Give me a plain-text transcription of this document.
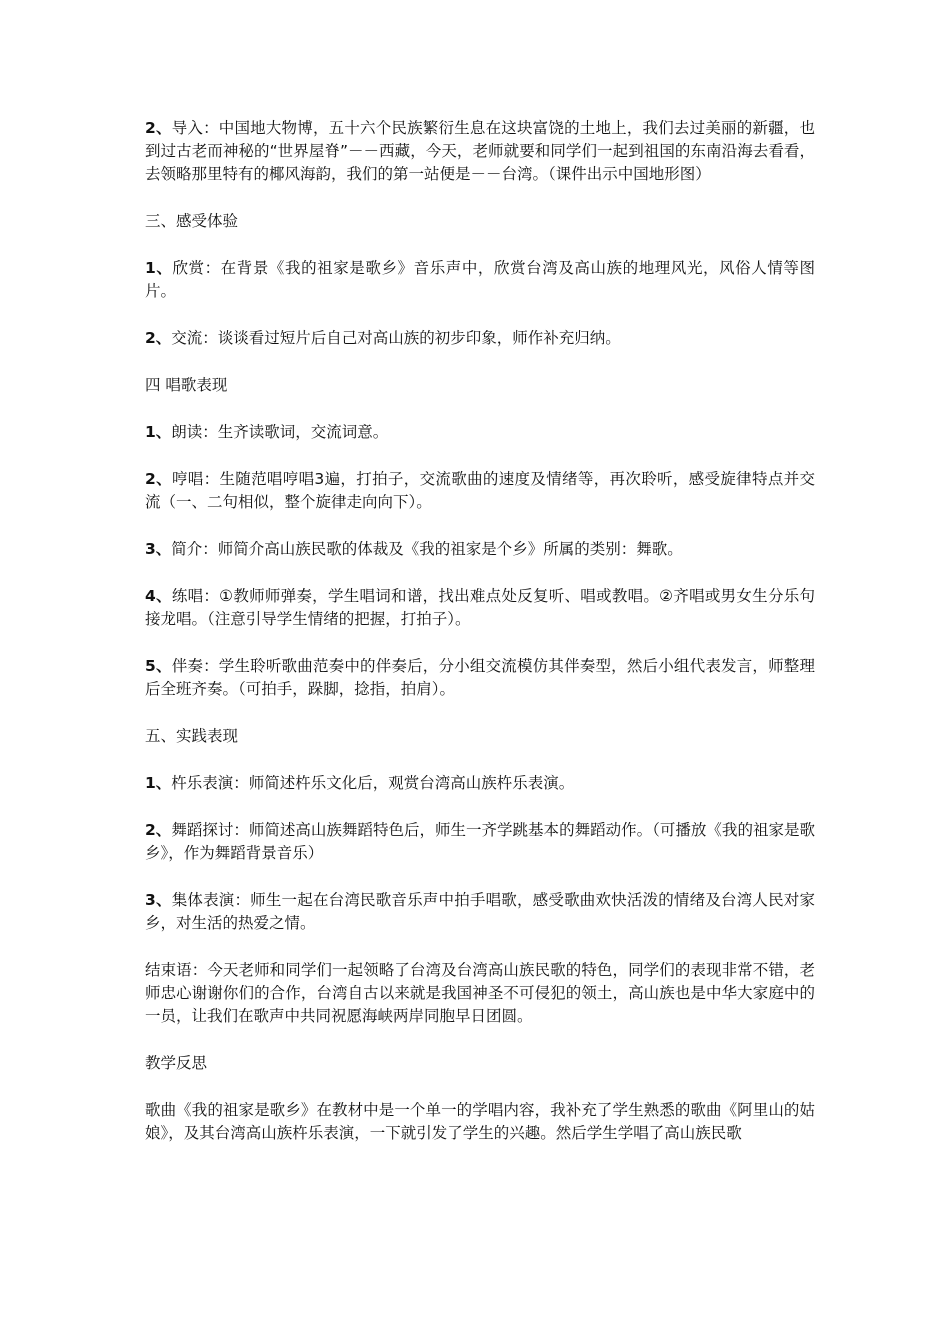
2、导入：中国地大物博，五十六个民族繁衍生息在这块富饶的土地上，我们去过美丽的新疆，也到过古老而神秘的“世界屋脊”－－西藏，今天，老师就要和同学们一起到祖国的东南沿海去看看，去领略那里特有的椰风海韵，我们的第一站便是－－台湾。（课件出示中国地形图）

三、感受体验

1、欣赏：在背景《我的祖家是歌乡》音乐声中，欣赏台湾及高山族的地理风光，风俗人情等图片。

2、交流：谈谈看过短片后自己对高山族的初步印象，师作补充归纳。

四 唱歌表现

1、朗读：生齐读歌词，交流词意。

2、哼唱：生随范唱哼唱3遍，打拍子，交流歌曲的速度及情绪等，再次聆听，感受旋律特点并交流（一、二句相似，整个旋律走向向下）。

3、简介：师简介高山族民歌的体裁及《我的祖家是个乡》所属的类别：舞歌。

4、练唱：①教师师弹奏，学生唱词和谱，找出难点处反复听、唱或教唱。②齐唱或男女生分乐句接龙唱。（注意引导学生情绪的把握，打拍子）。

5、伴奏：学生聆听歌曲范奏中的伴奏后，分小组交流模仿其伴奏型，然后小组代表发言，师整理后全班齐奏。（可拍手，跺脚，捻指，拍肩）。

五、实践表现

1、杵乐表演：师简述杵乐文化后，观赏台湾高山族杵乐表演。

2、舞蹈探讨：师简述高山族舞蹈特色后，师生一齐学跳基本的舞蹈动作。（可播放《我的祖家是歌乡》，作为舞蹈背景音乐）

3、集体表演：师生一起在台湾民歌音乐声中拍手唱歌，感受歌曲欢快活泼的情绪及台湾人民对家乡，对生活的热爱之情。

结束语：今天老师和同学们一起领略了台湾及台湾高山族民歌的特色，同学们的表现非常不错，老师忠心谢谢你们的合作，台湾自古以来就是我国神圣不可侵犯的领土，高山族也是中华大家庭中的一员，让我们在歌声中共同祝愿海峡两岸同胞早日团圆。

教学反思

歌曲《我的祖家是歌乡》在教材中是一个单一的学唱内容，我补充了学生熟悉的歌曲《阿里山的姑娘》，及其台湾高山族杵乐表演，一下就引发了学生的兴趣。然后学生学唱了高山族民歌
